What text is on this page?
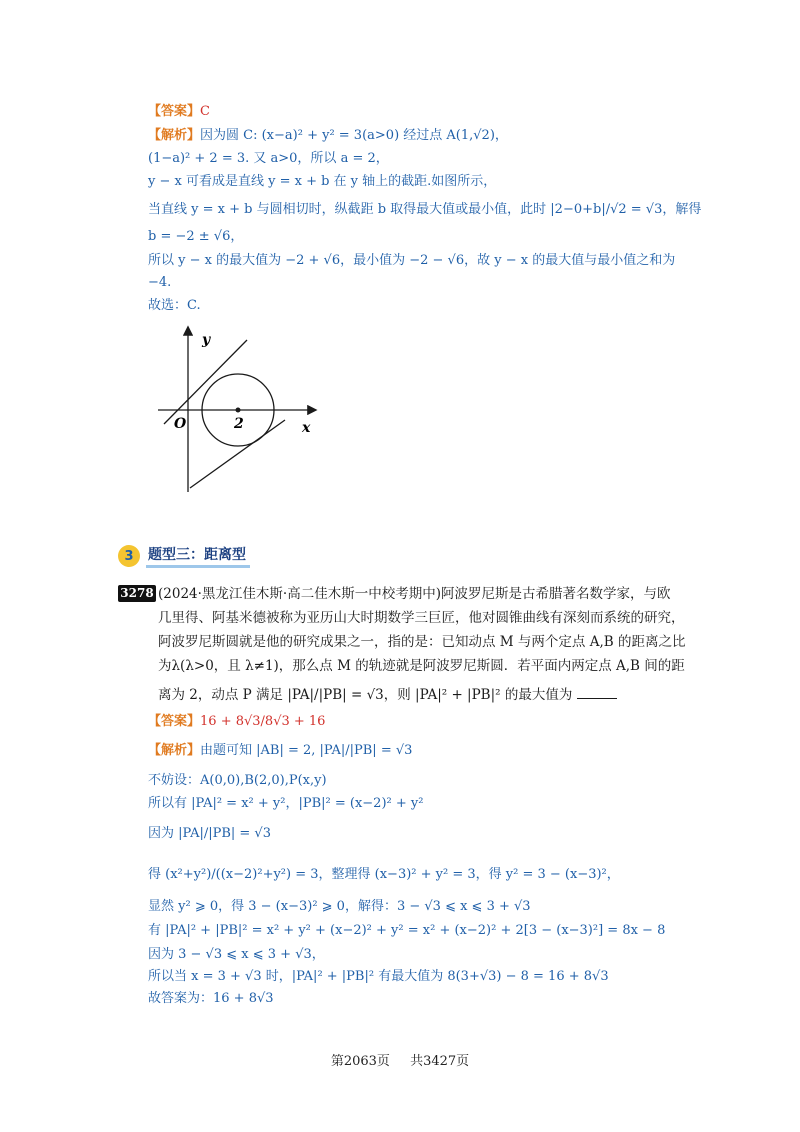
【答案】C
【解析】因为圆 C: (x−a)² + y² = 3(a>0) 经过点 A(1,√2)，
(1−a)² + 2 = 3. 又 a>0，所以 a = 2，
y − x 可看成是直线 y = x + b 在 y 轴上的截距.如图所示，
当直线 y = x + b 与圆相切时，纵截距 b 取得最大值或最小值，此时 |2−0+b|/√2 = √3，解得
b = −2 ± √6，
所以 y − x 的最大值为 −2 + √6，最小值为 −2 − √6，故 y − x 的最大值与最小值之和为
−4.
故选：C.
y
x
O	2
3	题型三：距离型
3278 (2024·黑龙江佳木斯·高二佳木斯一中校考期中)阿波罗尼斯是古希腊著名数学家，与欧
几里得、阿基米德被称为亚历山大时期数学三巨匠，他对圆锥曲线有深刻而系统的研究，
阿波罗尼斯圆就是他的研究成果之一，指的是：已知动点 M 与两个定点 A,B 的距离之比
为λ(λ>0，且 λ≠1)，那么点 M 的轨迹就是阿波罗尼斯圆．若平面内两定点 A,B 间的距
离为 2，动点 P 满足 |PA|/|PB| = √3，则 |PA|² + |PB|² 的最大值为
【答案】16 + 8√3/8√3 + 16
【解析】由题可知 |AB| = 2, |PA|/|PB| = √3
不妨设：A(0,0),B(2,0),P(x,y)
所以有 |PA|² = x² + y²，|PB|² = (x−2)² + y²
因为 |PA|/|PB| = √3
得 (x²+y²)/((x−2)²+y²) = 3，整理得 (x−3)² + y² = 3，得 y² = 3 − (x−3)²，
显然 y² ⩾ 0，得 3 − (x−3)² ⩾ 0，解得：3 − √3 ⩽ x ⩽ 3 + √3
有 |PA|² + |PB|² = x² + y² + (x−2)² + y² = x² + (x−2)² + 2[3 − (x−3)²] = 8x − 8
因为 3 − √3 ⩽ x ⩽ 3 + √3，
所以当 x = 3 + √3 时，|PA|² + |PB|² 有最大值为 8(3+√3) − 8 = 16 + 8√3
故答案为：16 + 8√3
第2063页 共3427页
